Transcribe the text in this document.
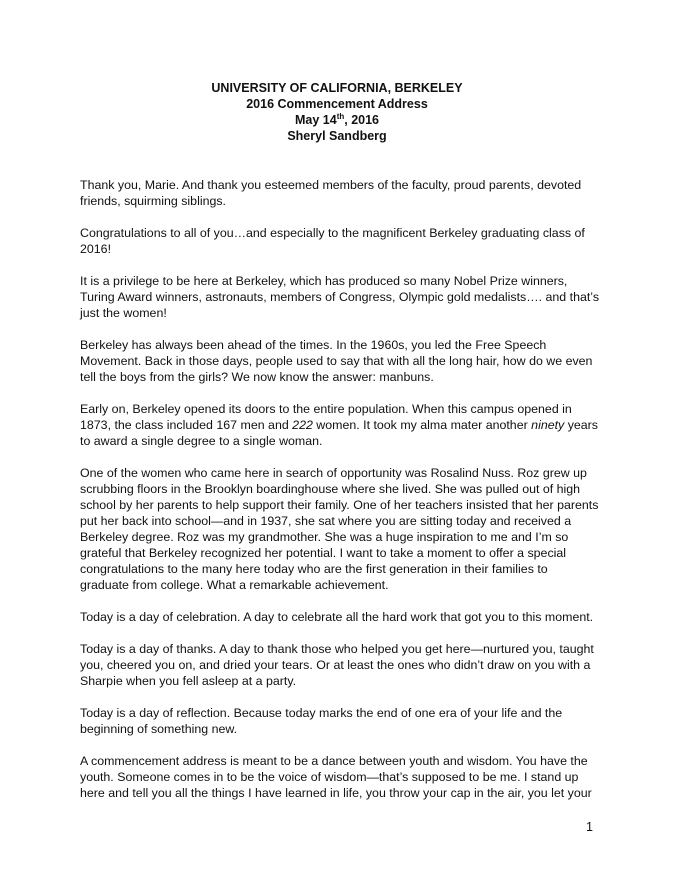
UNIVERSITY OF CALIFORNIA, BERKELEY
2016 Commencement Address
May 14th, 2016
Sheryl Sandberg

Thank you, Marie. And thank you esteemed members of the faculty, proud parents, devoted friends, squirming siblings.

Congratulations to all of you…and especially to the magnificent Berkeley graduating class of 2016!

It is a privilege to be here at Berkeley, which has produced so many Nobel Prize winners, Turing Award winners, astronauts, members of Congress, Olympic gold medalists…. and that’s just the women!

Berkeley has always been ahead of the times. In the 1960s, you led the Free Speech Movement. Back in those days, people used to say that with all the long hair, how do we even tell the boys from the girls? We now know the answer: manbuns.

Early on, Berkeley opened its doors to the entire population. When this campus opened in 1873, the class included 167 men and 222 women. It took my alma mater another ninety years to award a single degree to a single woman.

One of the women who came here in search of opportunity was Rosalind Nuss. Roz grew up scrubbing floors in the Brooklyn boardinghouse where she lived. She was pulled out of high school by her parents to help support their family. One of her teachers insisted that her parents put her back into school—and in 1937, she sat where you are sitting today and received a Berkeley degree. Roz was my grandmother. She was a huge inspiration to me and I’m so grateful that Berkeley recognized her potential. I want to take a moment to offer a special congratulations to the many here today who are the first generation in their families to graduate from college. What a remarkable achievement.

Today is a day of celebration. A day to celebrate all the hard work that got you to this moment.

Today is a day of thanks. A day to thank those who helped you get here—nurtured you, taught you, cheered you on, and dried your tears. Or at least the ones who didn’t draw on you with a Sharpie when you fell asleep at a party.

Today is a day of reflection. Because today marks the end of one era of your life and the beginning of something new.

A commencement address is meant to be a dance between youth and wisdom. You have the youth. Someone comes in to be the voice of wisdom—that’s supposed to be me. I stand up here and tell you all the things I have learned in life, you throw your cap in the air, you let your

1
